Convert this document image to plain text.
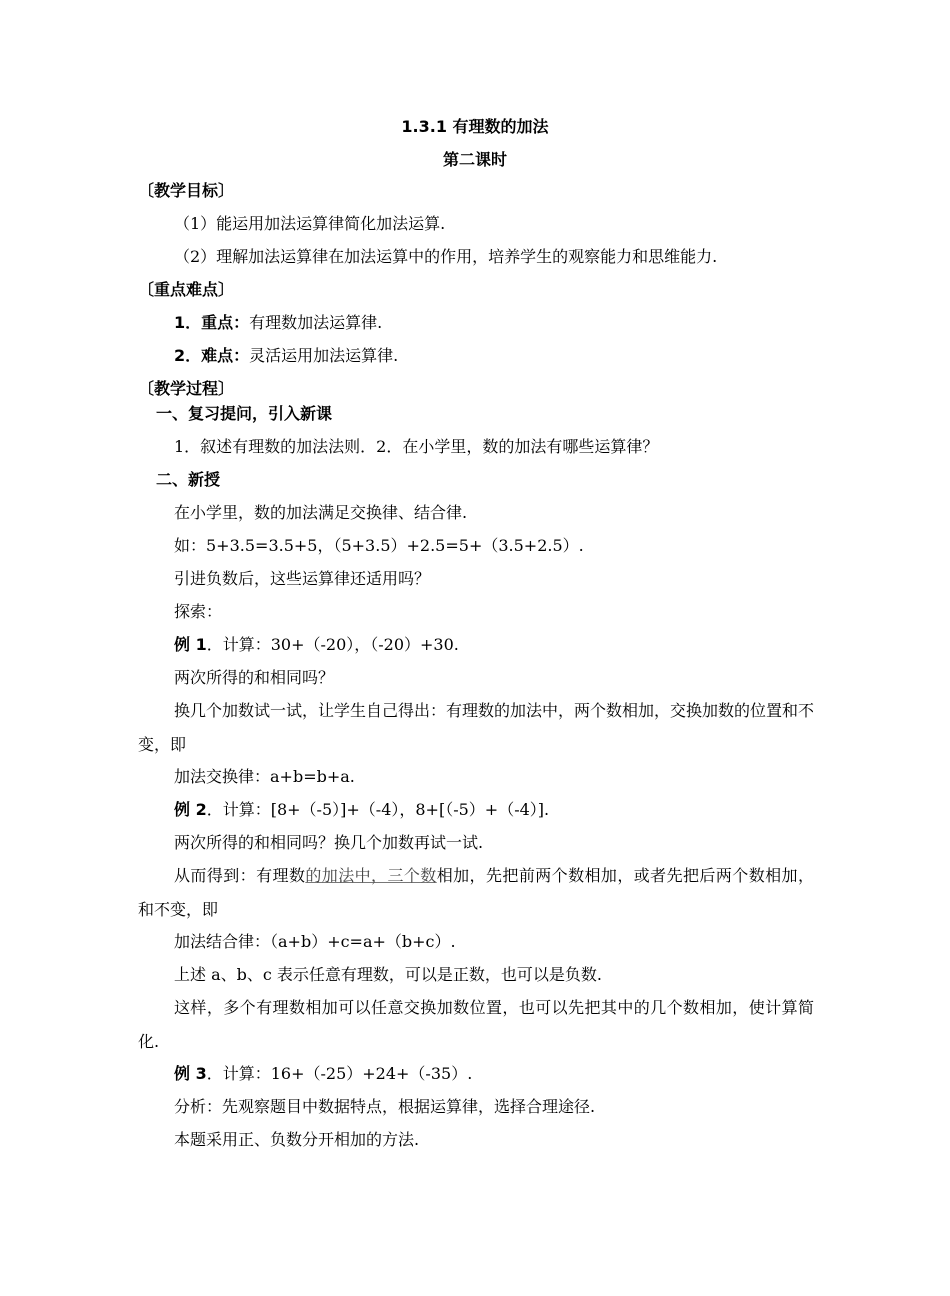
1.3.1 有理数的加法
第二课时
〔教学目标〕
（1）能运用加法运算律简化加法运算.
（2）理解加法运算律在加法运算中的作用，培养学生的观察能力和思维能力.
〔重点难点〕
1．重点：有理数加法运算律.
2．难点：灵活运用加法运算律.
〔教学过程〕
一、复习提问，引入新课
1．叙述有理数的加法法则．2．在小学里，数的加法有哪些运算律？
二、新授
在小学里，数的加法满足交换律、结合律.
如：5+3.5=3.5+5，（5+3.5）+2.5=5+（3.5+2.5）.
引进负数后，这些运算律还适用吗？
探索：
例 1．计算：30+（-20），（-20）+30.
两次所得的和相同吗？
换几个加数试一试，让学生自己得出：有理数的加法中，两个数相加，交换加数的位置和不变，即
加法交换律：a+b=b+a.
例 2．计算：[8+（-5）]+（-4），8+[（-5）+（-4）].
两次所得的和相同吗？换几个加数再试一试.
从而得到：有理数的加法中，三个数相加，先把前两个数相加，或者先把后两个数相加，和不变，即
加法结合律：（a+b）+c=a+（b+c）.
上述 a、b、c 表示任意有理数，可以是正数，也可以是负数.
这样，多个有理数相加可以任意交换加数位置，也可以先把其中的几个数相加，使计算简化.
例 3．计算：16+（-25）+24+（-35）.
分析：先观察题目中数据特点，根据运算律，选择合理途径.
本题采用正、负数分开相加的方法.
